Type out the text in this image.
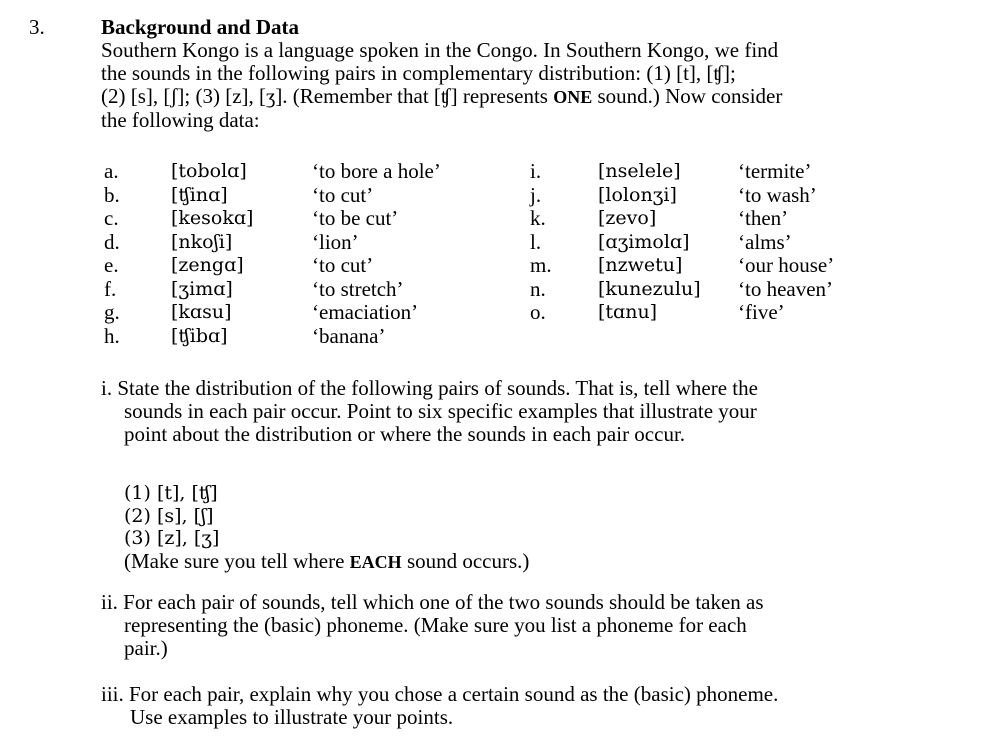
3.	Background and Data
Southern Kongo is a language spoken in the Congo. In Southern Kongo, we find
the sounds in the following pairs in complementary distribution: (1) [t], [ʧ];
(2) [s], [ʃ]; (3) [z], [ʒ]. (Remember that [ʧ] represents ONE sound.) Now consider
the following data:
a.
b.
c.
d.
e.
f.
g.
h.
[tobolɑ]
[ʧinɑ]
[kesokɑ]
[nkoʃi]
[zengɑ]
[ʒimɑ]
[kɑsu]
[ʧibɑ]
‘to bore a hole’
‘to cut’
‘to be cut’
‘lion’
‘to cut’
‘to stretch’
‘emaciation’
‘banana’
i.
j.
k.
l.
m.
n.
o.
[nselele]
[lolonʒi]
[zevo]
[ɑʒimolɑ]
[nzwetu]
[kunezulu]
[tɑnu]
‘termite’
‘to wash’
‘then’
‘alms’
‘our house’
‘to heaven’
‘five’
i. State the distribution of the following pairs of sounds. That is, tell where the
sounds in each pair occur. Point to six specific examples that illustrate your
point about the distribution or where the sounds in each pair occur.
(1) [t], [ʧ]
(2) [s], [ʃ]
(3) [z], [ʒ]
(Make sure you tell where EACH sound occurs.)
ii. For each pair of sounds, tell which one of the two sounds should be taken as
representing the (basic) phoneme. (Make sure you list a phoneme for each
pair.)
iii. For each pair, explain why you chose a certain sound as the (basic) phoneme.
Use examples to illustrate your points.
